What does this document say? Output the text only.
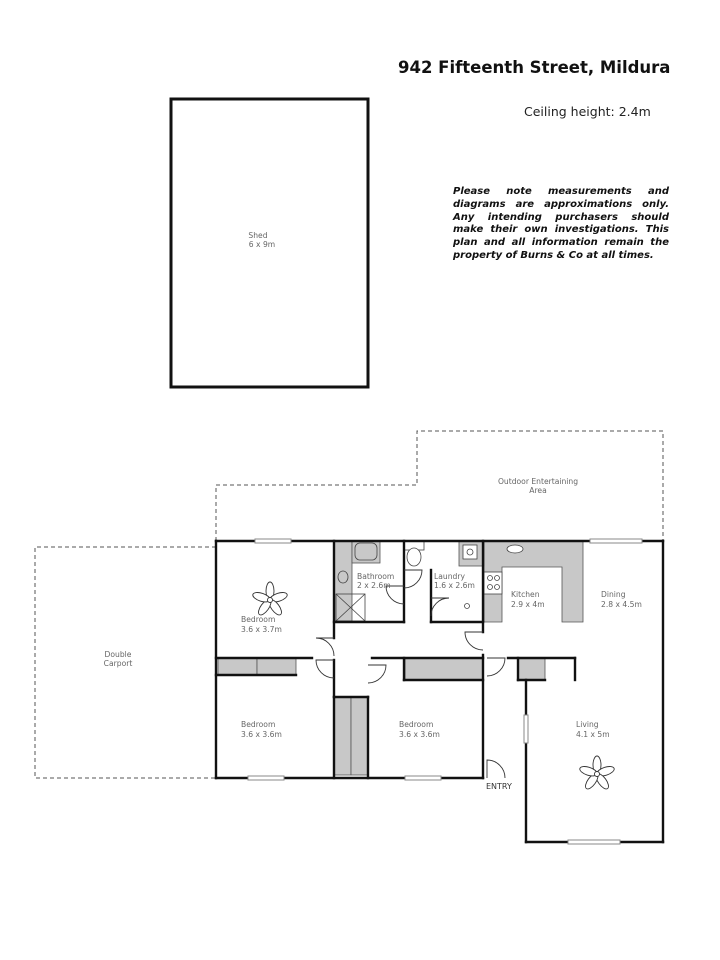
942 Fifteenth Street, Mildura
Ceiling height: 2.4m
Please note measurements and diagrams are approximations only. Any intending purchasers should make their own investigations. This plan and all information remain the property of Burns & Co at all times.
Shed
6 x 9m
Outdoor Entertaining
Area
Double
Carport
Bedroom
3.6 x 3.7m
Bathroom
2 x 2.6m
Laundry
1.6 x 2.6m
Kitchen
2.9 x 4m
Dining
2.8 x 4.5m
Bedroom
3.6 x 3.6m
Bedroom
3.6 x 3.6m
Living
4.1 x 5m
ENTRY
